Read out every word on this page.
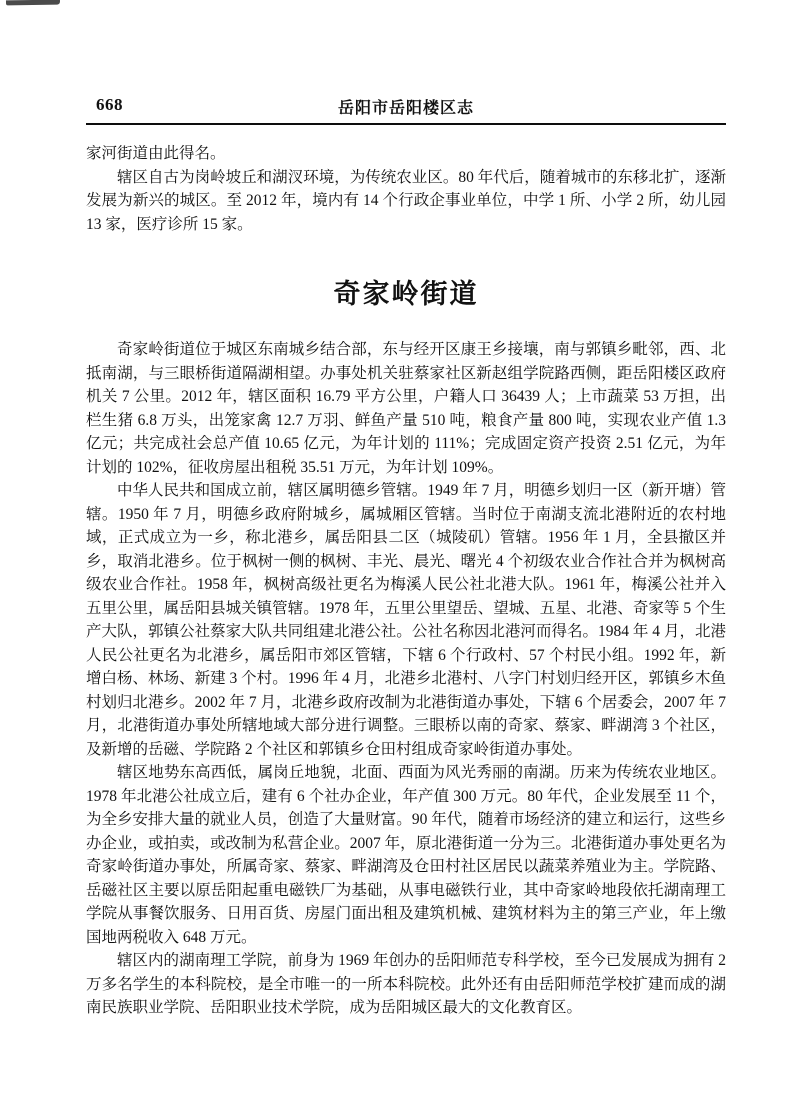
668	岳阳市岳阳楼区志

家河街道由此得名。

辖区自古为岗岭坡丘和湖汊环境，为传统农业区。80 年代后，随着城市的东移北扩，逐渐发展为新兴的城区。至 2012 年，境内有 14 个行政企事业单位，中学 1 所、小学 2 所，幼儿园 13 家，医疗诊所 15 家。

奇家岭街道

奇家岭街道位于城区东南城乡结合部，东与经开区康王乡接壤，南与郭镇乡毗邻，西、北抵南湖，与三眼桥街道隔湖相望。办事处机关驻蔡家社区新赵组学院路西侧，距岳阳楼区政府机关 7 公里。2012 年，辖区面积 16.79 平方公里，户籍人口 36439 人；上市蔬菜 53 万担，出栏生猪 6.8 万头，出笼家禽 12.7 万羽、鲜鱼产量 510 吨，粮食产量 800 吨，实现农业产值 1.3 亿元；共完成社会总产值 10.65 亿元，为年计划的 111%；完成固定资产投资 2.51 亿元，为年计划的 102%，征收房屋出租税 35.51 万元，为年计划 109%。

中华人民共和国成立前，辖区属明德乡管辖。1949 年 7 月，明德乡划归一区（新开塘）管辖。1950 年 7 月，明德乡政府附城乡，属城厢区管辖。当时位于南湖支流北港附近的农村地域，正式成立为一乡，称北港乡，属岳阳县二区（城陵矶）管辖。1956 年 1 月，全县撤区并乡，取消北港乡。位于枫树一侧的枫树、丰光、晨光、曙光 4 个初级农业合作社合并为枫树高级农业合作社。1958 年，枫树高级社更名为梅溪人民公社北港大队。1961 年，梅溪公社并入五里公里，属岳阳县城关镇管辖。1978 年，五里公里望岳、望城、五星、北港、奇家等 5 个生产大队，郭镇公社蔡家大队共同组建北港公社。公社名称因北港河而得名。1984 年 4 月，北港人民公社更名为北港乡，属岳阳市郊区管辖，下辖 6 个行政村、57 个村民小组。1992 年，新增白杨、林场、新建 3 个村。1996 年 4 月，北港乡北港村、八字门村划归经开区，郭镇乡木鱼村划归北港乡。2002 年 7 月，北港乡政府改制为北港街道办事处，下辖 6 个居委会，2007 年 7 月，北港街道办事处所辖地域大部分进行调整。三眼桥以南的奇家、蔡家、畔湖湾 3 个社区，及新增的岳磁、学院路 2 个社区和郭镇乡仓田村组成奇家岭街道办事处。

辖区地势东高西低，属岗丘地貌，北面、西面为风光秀丽的南湖。历来为传统农业地区。1978 年北港公社成立后，建有 6 个社办企业，年产值 300 万元。80 年代，企业发展至 11 个，为全乡安排大量的就业人员，创造了大量财富。90 年代，随着市场经济的建立和运行，这些乡办企业，或拍卖，或改制为私营企业。2007 年，原北港街道一分为三。北港街道办事处更名为奇家岭街道办事处，所属奇家、蔡家、畔湖湾及仓田村社区居民以蔬菜养殖业为主。学院路、岳磁社区主要以原岳阳起重电磁铁厂为基础，从事电磁铁行业，其中奇家岭地段依托湖南理工学院从事餐饮服务、日用百货、房屋门面出租及建筑机械、建筑材料为主的第三产业，年上缴国地两税收入 648 万元。

辖区内的湖南理工学院，前身为 1969 年创办的岳阳师范专科学校，至今已发展成为拥有 2 万多名学生的本科院校，是全市唯一的一所本科院校。此外还有由岳阳师范学校扩建而成的湖南民族职业学院、岳阳职业技术学院，成为岳阳城区最大的文化教育区。
